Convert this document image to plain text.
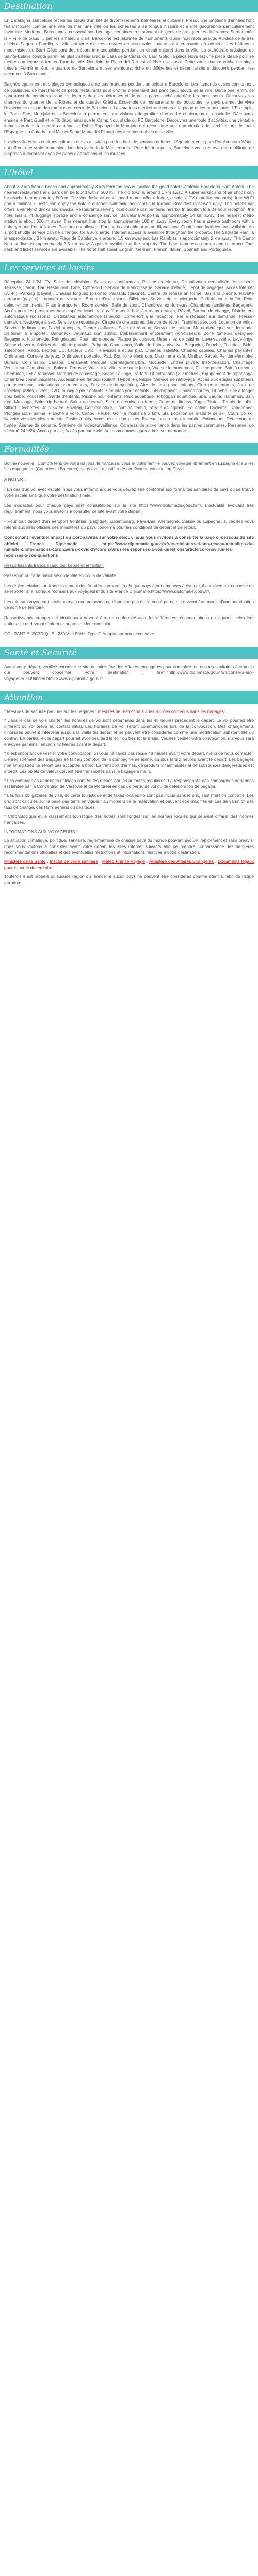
Destination

En Catalogne, Barcelone recèle les atouts d'un site de divertissements balnéaires et culturels. Presqu'une vingtaine d'années l'ont fait s'imposer comme une ville de mer, une ville où les richesses à sa longue histoire et à une géographie particulièrement favorable. Moderne, Barcelone a conservé son héritage, certaines très souvent obligées de pratiquer les différentes. Surnommée la « ville de Gaudí » par les amateurs d'art, Barcelone est jalonnée de monuments d'une incroyable beauté. Au-delà de la très célèbre Sagrada Família, la ville est forte d'autres œuvres architecturales tout aussi intéressantes à admirer. Les bâtiments modernistes du Barri Gòtic sont des trésors immanquables pendant un circuit culturel dans la ville. La cathédrale artistique de Sainte-Eulalie compte parmi les plus visitées avec la Casa de la Ciutat, du Barri Gòtic, la plaça Nova est une pièce idéale pour se mettre aux leçons à temps d'une balade. Non loin, la Plaça del Rei est célèbre elle aussi. Cette zone vivante cache certaines trésors. Fermé en été, le quartier de Barcelone et ses alentours, riche en différentes et décentralisés à découvrir pendant les vacances à Barcelone.

Baignée également des plages symboliques à ne pas manquer pendant un séjour à Barcelone. Les flamands et ses contiennent de boutiques, de marchés et de petits restaurants pour profiter pleinement des principaux atouts de la ville. Barcelone, enfin, ce sont aussi de nombreux lieux de détente, de rues piétonnes et de petits parcs cachés derrière les monuments. Découvrez les charmes du quartier de la Ribera et du quartier Gràcia. Ensemble de restaurants et de boutiques, le pays permet de vivre l'expérience unique des ramblas au cœur de Barcelone. Les stations méditerranéennes à la plage et les beaux jours. L'Eixample, le Poble Sec, Montjuïc et la Barceloneta permettent aux visiteurs de profiter d'un cadre chaleureux et ensoleillé. Découvrez ensuite le Parc Güell et le Tibidabo, ainsi que le Camp Nou, stade du FC Barcelone. Découvrez une foule d'activités, une véritable immersion dans la culture catalane, le Poble Espanyol de Montjuïc qui reconstitue une reproduction de l'architecture de toute l'Espagne. La Catedral del Mar et Santa Maria del Pi sont des incontournables de la ville.

La ville-ville et ses environs culturels et ses activités pour les fans de sensations fortes, l'Aquarium et le parc PortAventura World, qui offrent une vraie immersion dans les joies de la Méditerranée. Pour les tout-petits, Barcelone vous réserve une multitude de surprises à découvrir avec les parcs d'attractions et les musées.

L'hôtel

About 3.2 km from a beach and approximately 3 km from the sea is located the good hotel Catalonia Barcelona Sant Antoni. The nearest restaurants and bars can be found within 500 m. The old town is around 1 km away. A supermarket and other shops can be reached approximately 500 m. The wonderful air-conditioned rooms offer a fridge, a safe, a TV (satellite channels), free Wi-Fi and a minibar. Guests can enjoy the hotel's outdoor swimming pool and sun terrace. Breakfast is served daily. The hotel's bar offers a variety of drinks and snacks. Restaurants serving local cuisine can be found nearby. In addition to a 24-hour reception, the hotel has a lift, luggage storage and a concierge service. Barcelona Airport is approximately 14 km away. The nearest metro station is about 300 m away. The nearest bus stop is approximately 100 m away. Every room has a private bathroom with a hairdryer and free toiletries. Pets are not allowed. Parking is available at an additional cost. Conference facilities are available. An airport shuttle service can be arranged for a surcharge. Internet access is available throughout the property. The Sagrada Família is approximately 3 km away, Plaça de Catalunya is around 1.5 km away and Las Ramblas is approximately 2 km away. The Camp Nou stadium is approximately 3.5 km away. A gym is available at the property. The hotel features a garden and a terrace. Tour desk and ticket services are available. The hotel staff speak English, German, French, Italian, Spanish and Portuguese.

Les services et loisirs

Réception 24 h/24, TV, Salle de télévision, Salles de conférences, Piscine extérieure, Climatisation centralisée, Ascenseur, Terrasse, Jardin, Bar, Restaurant, Café, Coffre-fort, Service de blanchisserie, Service d'étage, Dépôt de bagages, Accès Internet (Wi-Fi), Parking (payant), Chaises longues (piscine), Parasols (piscine), Centre de remise en forme, Bar à la piscine, Navette aéroport (payant), Location de voitures, Bureau d'excursions, Billetterie, Service de conciergerie, Petit-déjeuner buffet, Petit-déjeuner continental, Plats à emporter, Room service, Salle de sport, Chambres non-fumeurs, Chambres familiales, Bagagerie, Accès pour les personnes handicapées, Machine à café dans le hall, Journaux gratuits, Réveil, Bureau de change, Distributeur automatique (boissons), Distributeur automatique (snacks), Coffre-fort à la réception, Fer à repasser sur demande, Presse-pantalon, Nettoyage à sec, Service de repassage, Cirage de chaussures, Service de réveil, Transfert aéroport, Location de vélos, Service de limousine, Fax/photocopies, Centre d'affaires, Salle de réunion, Service de traiteur, Menu diététique sur demande, Déjeuner à emporter, Bar-snack, Animaux non admis, Établissement entièrement non-fumeurs, Zone fumeurs désignée, Bagagerie, Kitchenette, Réfrigérateur, Four micro-ondes, Plaque de cuisson, Ustensiles de cuisine, Lave-vaisselle, Lave-linge, Sèche-cheveux, Articles de toilette gratuits, Peignoir, Chaussons, Salle de bains privative, Baignoire, Douche, Toilettes, Bidet, Téléphone, Radio, Lecteur CD, Lecteur DVD, Télévision à écran plat, Chaînes satellite, Chaînes câblées, Chaînes payantes, Ordinateur, Console de jeux, Ordinateur portable, iPad, Bouilloire électrique, Machine à café, Minibar, Réveil, Penderie/armoire, Bureau, Coin salon, Canapé, Canapé-lit, Parquet, Carrelage/marbre, Moquette, Entrée privée, Insonorisation, Chauffage, Ventilateur, Climatisation, Balcon, Terrasse, Vue sur la ville, Vue sur le jardin, Vue sur le monument, Piscine privée, Bain à remous, Cheminée, Fer à repasser, Matériel de repassage, Séchoir à linge, Portant, Lit extra-long (> 2 mètres), Équipement de repassage, Chambres communicantes, Accessible en fauteuil roulant, Hypoallergénique, Service de nettoyage, Accès aux étages supérieurs par ascenseur, Installations pour enfants, Service de baby-sitting, Aire de jeux pour enfants, Club pour enfants, Jeux de société/puzzles, Livres, DVD, musique pour enfants, Sécurités pour enfants, Lits d'appoint, Chaises hautes, Lit bébé, Sac à langer pour bébé, Poussette, Garde d'enfants, Piscine pour enfants, Parc aquatique, Toboggan aquatique, Spa, Sauna, Hammam, Bain turc, Massage, Soins de beauté, Salon de beauté, Salle de remise en forme, Cours de fitness, Yoga, Pilates, Tennis de table, Billard, Fléchettes, Jeux vidéo, Bowling, Golf miniature, Court de tennis, Terrain de squash, Équitation, Cyclisme, Randonnée, Plongée sous-marine, Planche à voile, Canoë, Pêche, Golf (à moins de 3 km), Ski, Location de matériel de ski, Cours de ski, Navette vers les pistes de ski, Casier à skis, Accès direct aux pistes, Évacuation en cas d'incendie, Extincteurs, Détecteurs de fumée, Alarme de sécurité, Système de vidéosurveillance, Caméras de surveillance dans les parties communes, Personnel de sécurité 24 h/24, Accès par clé, Accès par carte-clé, Animaux domestiques admis sur demande.

Formalités

Bonne nouvelle : Compte tenu de votre nationalité française, vous et votre famille pouvez voyager librement en Espagne et sur les îles espagnoles (Canaries et Baléares), sans avoir à justifier de certificat de vaccination Covid.

A NOTER :

- En cas d'un vol avec escale, nous vous informons que vous devrez être conforme aux formalités sanitaires du pays où se trouve votre escale ainsi que votre destination finale.

Les modalités pour chaque pays sont consultables sur le site https://www.diplomatie.gouv.fr/fr/. L'actualité évoluant très régulièrement, nous vous invitons à consulter ce site avant votre départ.

- Pour tout départ d'un aéroport frontalier (Belgique, Luxembourg, Pays-Bas, Allemagne, Suisse ou Espagne...), veuillez vous référer aux sites officiels des ministères du pays concerné pour les conditions de départ et de retour.

Concernant l'éventuel impact du Coronavirus sur votre séjour, nous vous invitons à consulter la page ci-dessous du site officiel France Diplomatie : https://www.diplomatie.gouv.fr/fr/le-ministere-et-son-reseau/actualites-du-ministere/informations-coronavirus-covid-19/coronavirus-les-reponses-a-vos-questions/article/coronavirus-les-reponses-a-vos-questions

Ressortissants français (adultes, bébés et enfants) :

Passeport ou carte nationale d'identité en cours de validité.

Les règles relatives au franchissement des frontières propres à chaque pays étant amenées à évoluer, il est vivement conseillé de se reporter à la rubrique "conseils aux voyageurs" du site France Diplomatie.https://www.diplomatie.gouv.fr/.

Les mineurs voyageant seuls ou avec une personne ne disposant pas de l'autorité parentale doivent être munis d'une autorisation de sortie de territoire.

Ressortissants étrangers et binationaux devront être en conformité avec les différentes réglementations en vigueur, selon leur nationalité et devront s'informer auprès de leur consulat.

COURANT ELECTRIQUE : 230 V et 50Hz. Type F. Adaptateur non nécessaire.

Santé et Sécurité

Avant votre départ, veuillez consulter le site du ministère des Affaires étrangères pour connaître les risques sanitaires éventuels qui peuvent concerner votre destination : href="http://www.diplomatie.gouv.fr/fr/conseils-aux-voyageurs_909/index.html">www.diplomatie.gouv.fr

Attention

* Mesures de sécurité prévues sur les bagages : mesures de restriction sur les liquides contenus dans les bagages

* Dans le cas de vols charter, les horaires de vol sont déterminés dans les 48 heures précédant le départ. Le vol pourrait être différent du vol prévu au contrat initial. Les horaires de vol seront communiqués lors de la convocation. Des changements d'horaires peuvent intervenir jusqu'à la veille du départ et ne peuvent être considérés comme une modification substantielle du contrat. En particulier, le départ pourrait avoir lieu tard le soir ou très tôt le matin. Veuillez vérifier votre convocation, qui vous sera envoyée par email environ 72 heures avant le départ.

* Il est important de vérifier votre convocation. Si vous ne l'avez pas reçue 48 heures avant votre départ, merci de nous contacter. L'enregistrement des bagages se fait au comptoir de la compagnie aérienne, au plus tard 2 heures avant le départ. Les bagages non enregistrés ne seront pas acceptés à bord. Le transport d'armes, de produits inflammables et de substances dangereuses est interdit. Les objets de valeur doivent être transportés dans le bagage à main.

* Les compagnies aériennes utilisées sont toutes reçues par les autorités régulières. La responsabilité des compagnies aériennes est limitée par la Convention de Varsovie et de Montréal en cas de perte, de vol ou de détérioration de bagage.

* Les frais obligatoires de visa, de carte touristique et de taxes locales ne sont pas inclus dans le prix, sauf mention contraire. Les prix sont calculés sur la base des tarifs en vigueur au moment de la réservation et peuvent être modifiés en cas de variation des taux de change, des tarifs aériens ou des taxes.

* Chronologique et le classement touristique des hôtels sont fondés sur les normes locales qui peuvent différer des normes françaises.

INFORMATIONS AUX VOYAGEURS :

La situation climatique, politique, sanitaire, réglementaire de chaque pays du monde pouvant évoluer rapidement et sans préavis, nous vous invitons à consulter avant votre départ les sites internet suivants afin de prendre connaissance des dernières recommandations officielles et des éventuelles restrictions et informations relatives à votre destination.

Ministère de la Santé . Institut de veille sanitaire . Météo France Voyage . Ministère des Affaires Etrangères . Documents légaux pour la sortie du territoire

Toutefois il est rappelé qu'aucune région du monde ni aucun pays ne peuvent être considérés comme étant à l'abri de risque terroriste.
